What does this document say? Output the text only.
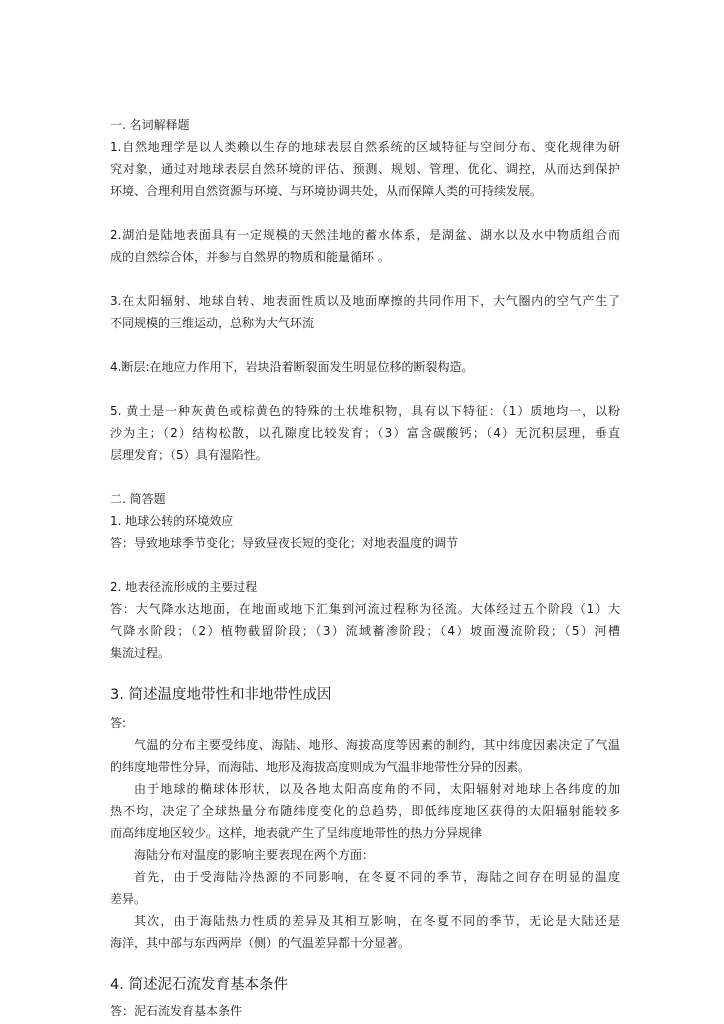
一. 名词解释题
1.自然地理学是以人类赖以生存的地球表层自然系统的区域特征与空间分布、变化规律为研
究对象，通过对地球表层自然环境的评估、预测、规划、管理、优化、调控，从而达到保护
环境、合理利用自然资源与环境、与环境协调共处，从而保障人类的可持续发展。
2.湖泊是陆地表面具有一定规模的天然洼地的蓄水体系，是湖盆、湖水以及水中物质组合而
成的自然综合体，并参与自然界的物质和能量循环 。
3.在太阳辐射、地球自转、地表面性质以及地面摩擦的共同作用下，大气圈内的空气产生了
不同规模的三维运动，总称为大气环流
4.断层:在地应力作用下，岩块沿着断裂面发生明显位移的断裂构造。
5. 黄土是一种灰黄色或棕黄色的特殊的土状堆积物，具有以下特征：（1）质地均一，以粉
沙为主；（2）结构松散，以孔隙度比较发育；（3）富含碳酸钙；（4）无沉积层理，垂直
层理发育；（5）具有湿陷性。
二. 简答题
1. 地球公转的环境效应
答：导致地球季节变化；导致昼夜长短的变化；对地表温度的调节
2. 地表径流形成的主要过程
答：大气降水达地面，在地面或地下汇集到河流过程称为径流。大体经过五个阶段（1）大
气降水阶段；（2）植物截留阶段；（3）流域蓄渗阶段；（4）坡面漫流阶段；（5）河槽
集流过程。
3. 简述温度地带性和非地带性成因
答:
气温的分布主要受纬度、海陆、地形、海拔高度等因素的制约，其中纬度因素决定了气温
的纬度地带性分异，而海陆、地形及海拔高度则成为气温非地带性分异的因素。
由于地球的椭球体形状，以及各地太阳高度角的不同，太阳辐射对地球上各纬度的加
热不均，决定了全球热量分布随纬度变化的总趋势，即低纬度地区获得的太阳辐射能较多
而高纬度地区较少。这样，地表就产生了呈纬度地带性的热力分异规律
海陆分布对温度的影响主要表现在两个方面：
首先，由于受海陆冷热源的不同影响，在冬夏不同的季节，海陆之间存在明显的温度
差异。
其次，由于海陆热力性质的差异及其相互影响，在冬夏不同的季节，无论是大陆还是
海洋，其中部与东西两岸（侧）的气温差异都十分显著。
4. 简述泥石流发育基本条件
答：泥石流发育基本条件
